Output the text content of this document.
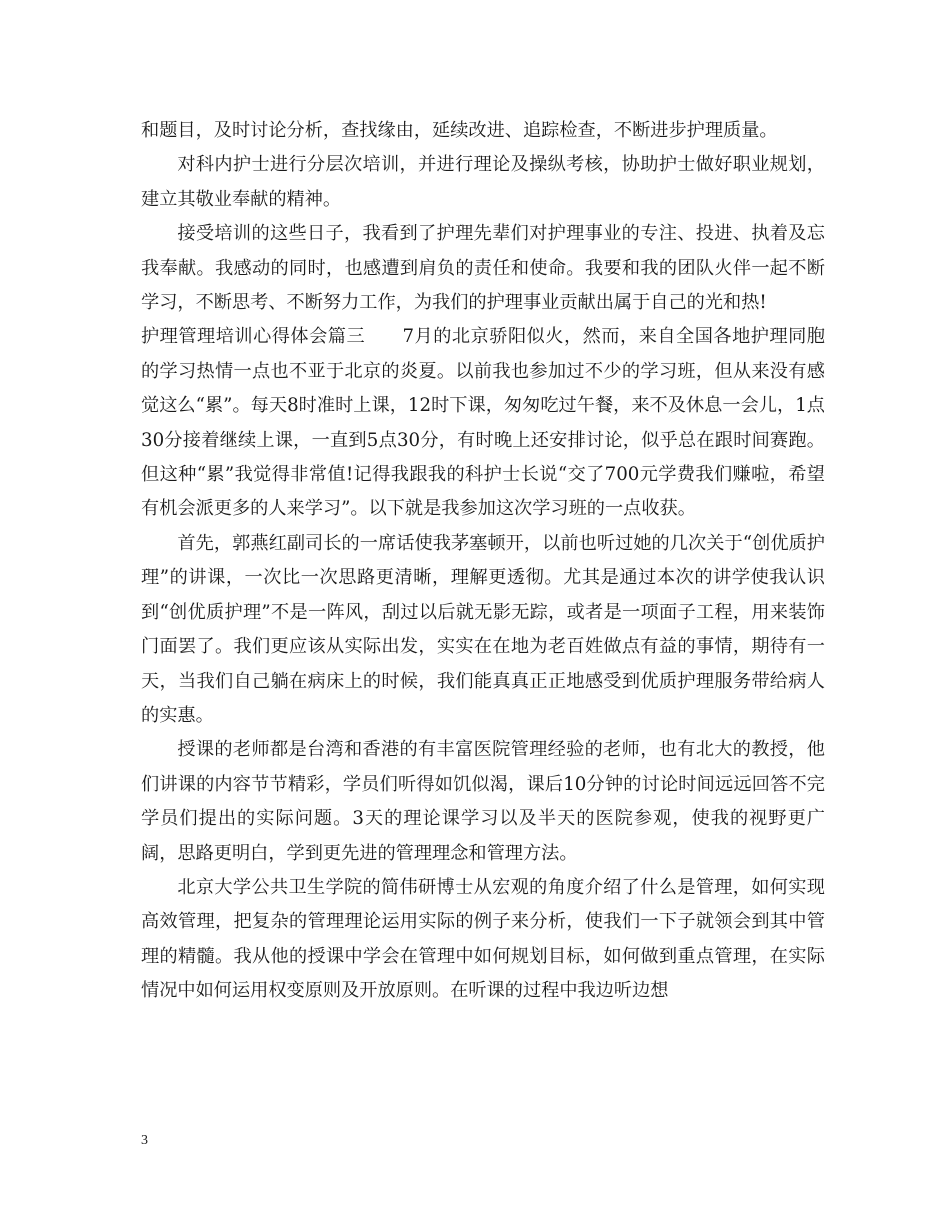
和题目，及时讨论分析，查找缘由，延续改进、追踪检查，不断进步护理质量。

对科内护士进行分层次培训，并进行理论及操纵考核，协助护士做好职业规划，建立其敬业奉献的精神。

接受培训的这些日子，我看到了护理先辈们对护理事业的专注、投进、执着及忘我奉献。我感动的同时，也感遭到肩负的责任和使命。我要和我的团队火伴一起不断学习，不断思考、不断努力工作，为我们的护理事业贡献出属于自己的光和热!

护理管理培训心得体会篇三　　7月的北京骄阳似火，然而，来自全国各地护理同胞的学习热情一点也不亚于北京的炎夏。以前我也参加过不少的学习班，但从来没有感觉这么“累”。每天8时准时上课，12时下课，匆匆吃过午餐，来不及休息一会儿，1点30分接着继续上课，一直到5点30分，有时晚上还安排讨论，似乎总在跟时间赛跑。但这种“累”我觉得非常值!记得我跟我的科护士长说“交了700元学费我们赚啦，希望有机会派更多的人来学习”。以下就是我参加这次学习班的一点收获。

首先，郭燕红副司长的一席话使我茅塞顿开，以前也听过她的几次关于“创优质护理”的讲课，一次比一次思路更清晰，理解更透彻。尤其是通过本次的讲学使我认识到“创优质护理”不是一阵风，刮过以后就无影无踪，或者是一项面子工程，用来装饰门面罢了。我们更应该从实际出发，实实在在地为老百姓做点有益的事情，期待有一天，当我们自己躺在病床上的时候，我们能真真正正地感受到优质护理服务带给病人的实惠。

授课的老师都是台湾和香港的有丰富医院管理经验的老师，也有北大的教授，他们讲课的内容节节精彩，学员们听得如饥似渴，课后10分钟的讨论时间远远回答不完学员们提出的实际问题。3天的理论课学习以及半天的医院参观，使我的视野更广阔，思路更明白，学到更先进的管理理念和管理方法。

北京大学公共卫生学院的简伟研博士从宏观的角度介绍了什么是管理，如何实现高效管理，把复杂的管理理论运用实际的例子来分析，使我们一下子就领会到其中管理的精髓。我从他的授课中学会在管理中如何规划目标，如何做到重点管理，在实际情况中如何运用权变原则及开放原则。在听课的过程中我边听边想

3
